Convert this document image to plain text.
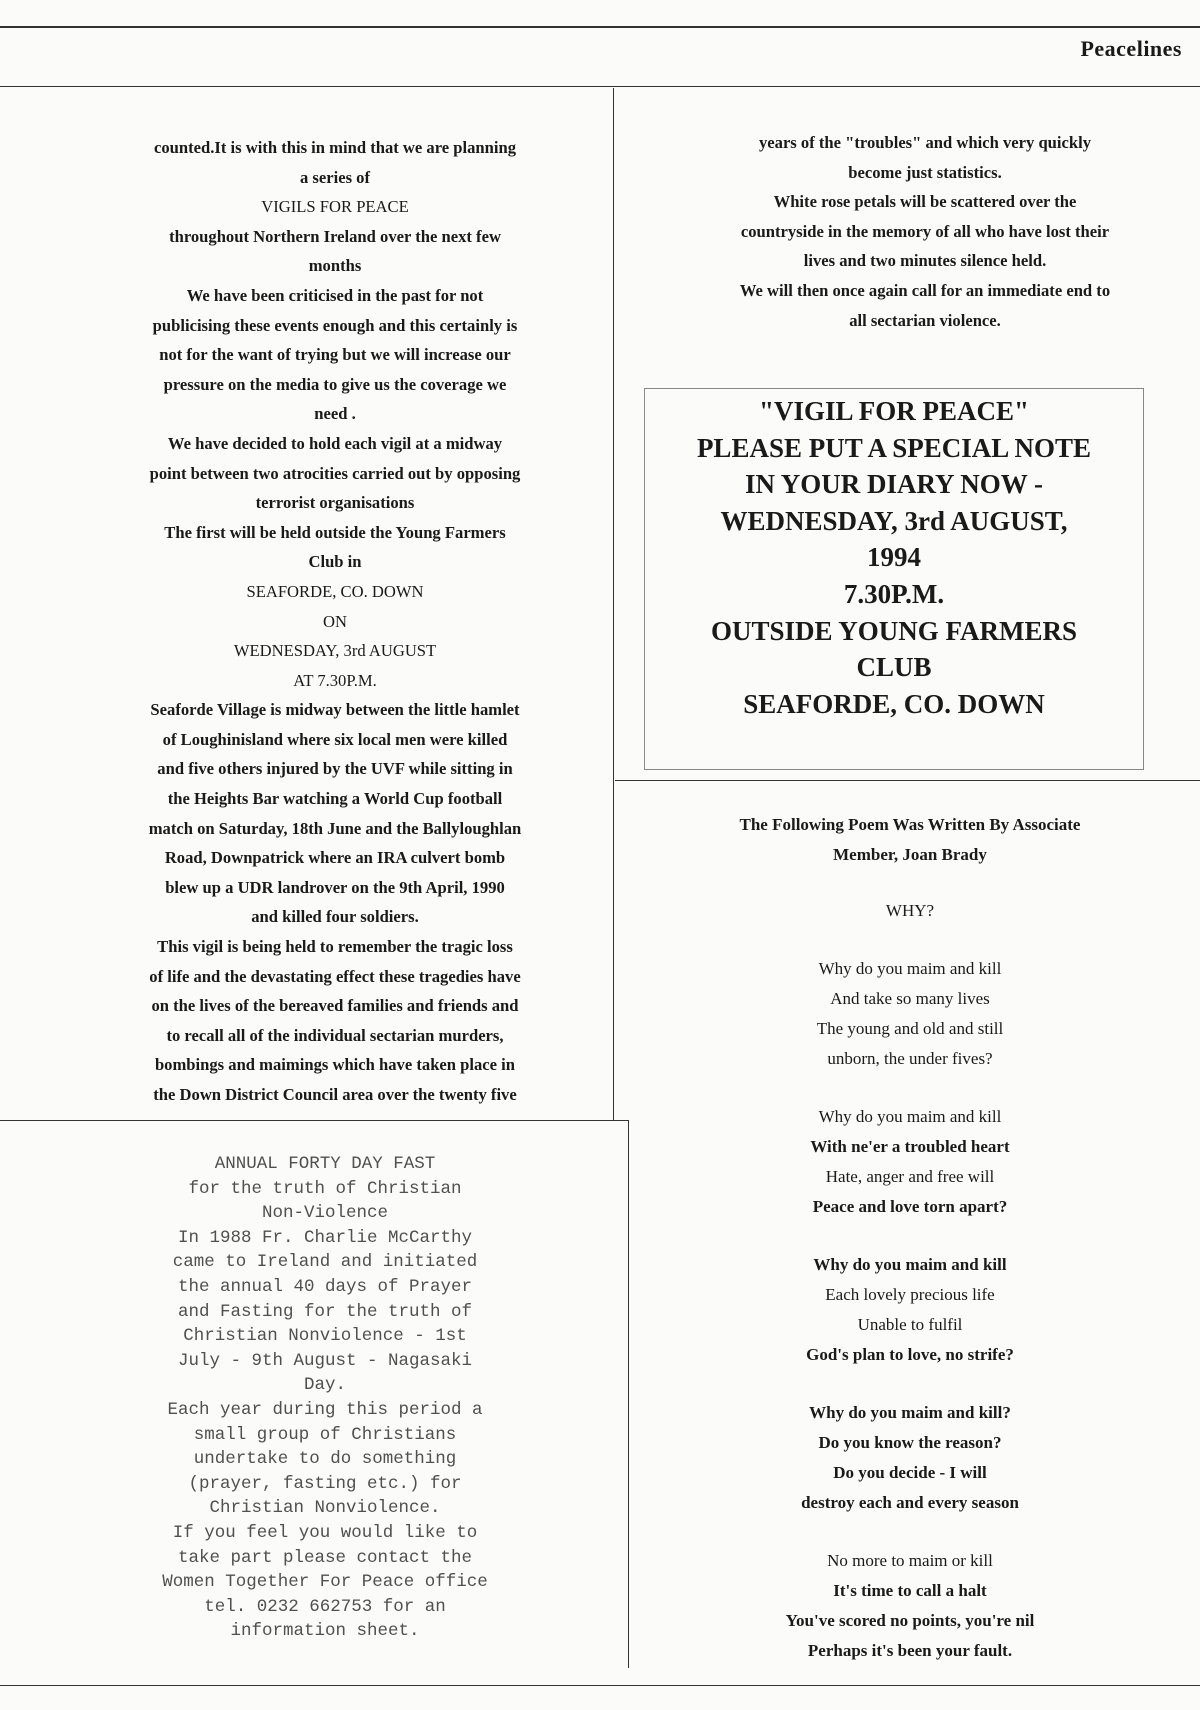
Peacelines

counted.It is with this in mind that we are planning

a series of

VIGILS FOR PEACE

throughout Northern Ireland over the next few

months

We have been criticised in the past for not

publicising these events enough and this certainly is

not for the want of trying but we will increase our

pressure on the media to give us the coverage we

need .

We have decided to hold each vigil at a midway

point between two atrocities carried out by opposing

terrorist organisations

The first will be held outside the Young Farmers

Club in

SEAFORDE, CO. DOWN

ON

WEDNESDAY, 3rd AUGUST

AT 7.30P.M.

Seaforde Village is midway between the little hamlet

of Loughinisland where six local men were killed

and five others injured by the UVF while sitting in

the Heights Bar watching a World Cup football

match on Saturday, 18th June and the Ballyloughlan

Road, Downpatrick where an IRA culvert bomb

blew up a UDR landrover on the 9th April, 1990

and killed four soldiers.

This vigil is being held to remember the tragic loss

of life and the devastating effect these tragedies have

on the lives of the bereaved families and friends and

to recall all of the individual sectarian murders,

bombings and maimings which have taken place in

the Down District Council area over the twenty five

years of the "troubles" and which very quickly

become just statistics.

White rose petals will be scattered over the

countryside in the memory of all who have lost their

lives and two minutes silence held.

We will then once again call for an immediate end to

all sectarian violence.

"VIGIL FOR PEACE"

PLEASE PUT A SPECIAL NOTE

IN YOUR DIARY NOW -

WEDNESDAY, 3rd AUGUST,

1994

7.30P.M.

OUTSIDE YOUNG FARMERS

CLUB

SEAFORDE, CO. DOWN

ANNUAL FORTY DAY FAST

for the truth of Christian

Non-Violence

In 1988 Fr. Charlie McCarthy

came to Ireland and initiated

the annual 40 days of Prayer

and Fasting for the truth of

Christian Nonviolence - 1st

July - 9th August - Nagasaki

Day.

Each year during this period a

small group of Christians

undertake to do something

(prayer, fasting etc.) for

Christian Nonviolence.

If you feel you would like to

take part please contact the

Women Together For Peace office

tel. 0232 662753 for an

information sheet.

The Following Poem Was Written By Associate

Member, Joan Brady

WHY?

Why do you maim and kill

And take so many lives

The young and old and still

unborn, the under fives?

Why do you maim and kill

With ne'er a troubled heart

Hate, anger and free will

Peace and love torn apart?

Why do you maim and kill

Each lovely precious life

Unable to fulfil

God's plan to love, no strife?

Why do you maim and kill?

Do you know the reason?

Do you decide - I will

destroy each and every season

No more to maim or kill

It's time to call a halt

You've scored no points, you're nil

Perhaps it's been your fault.
